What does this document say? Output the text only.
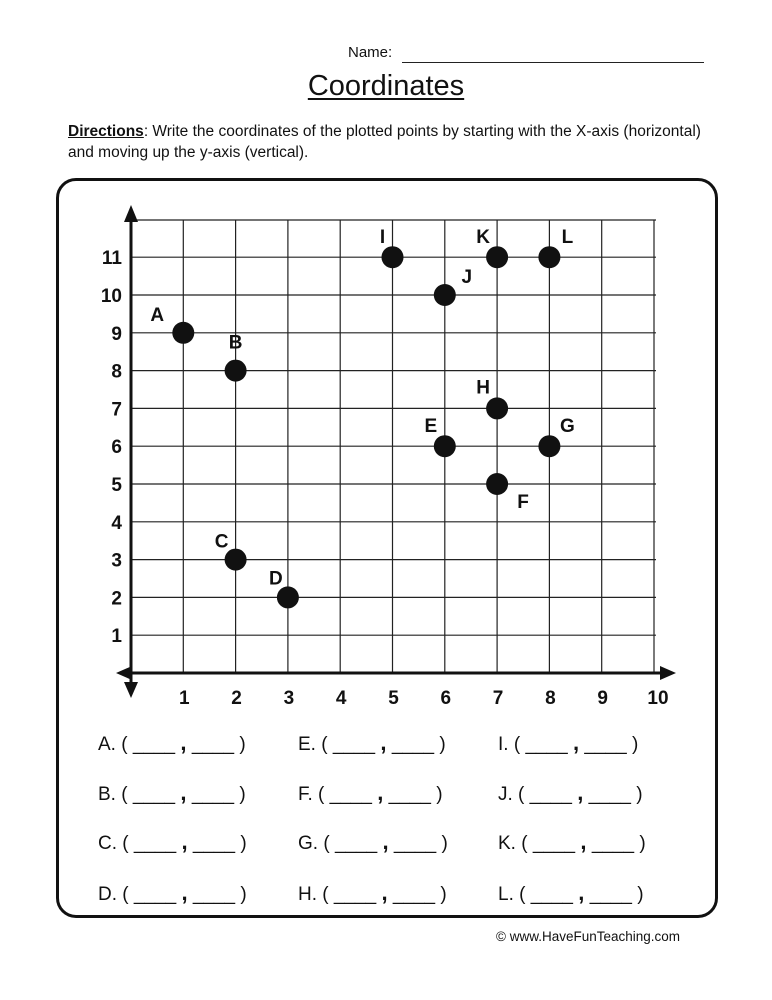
Name:
Coordinates
Directions: Write the coordinates of the plotted points by starting with the X-axis (horizontal) and moving up the y-axis (vertical).
1 2 3 4 5 6 7 8 9 10
1
2
3
4
5
6
7
8
9
10
11
A
B
C
D
E
F
G
H
I
J
K	L
A. ( ____ , ____ )
B. ( ____ , ____ )
C. ( ____ , ____ )
D. ( ____ , ____ )
E. ( ____ , ____ )
F. ( ____ , ____ )
G. ( ____ , ____ )
H. ( ____ , ____ )
I. ( ____ , ____ )
J. ( ____ , ____ )
K. ( ____ , ____ )
L. ( ____ , ____ )
© www.HaveFunTeaching.com
